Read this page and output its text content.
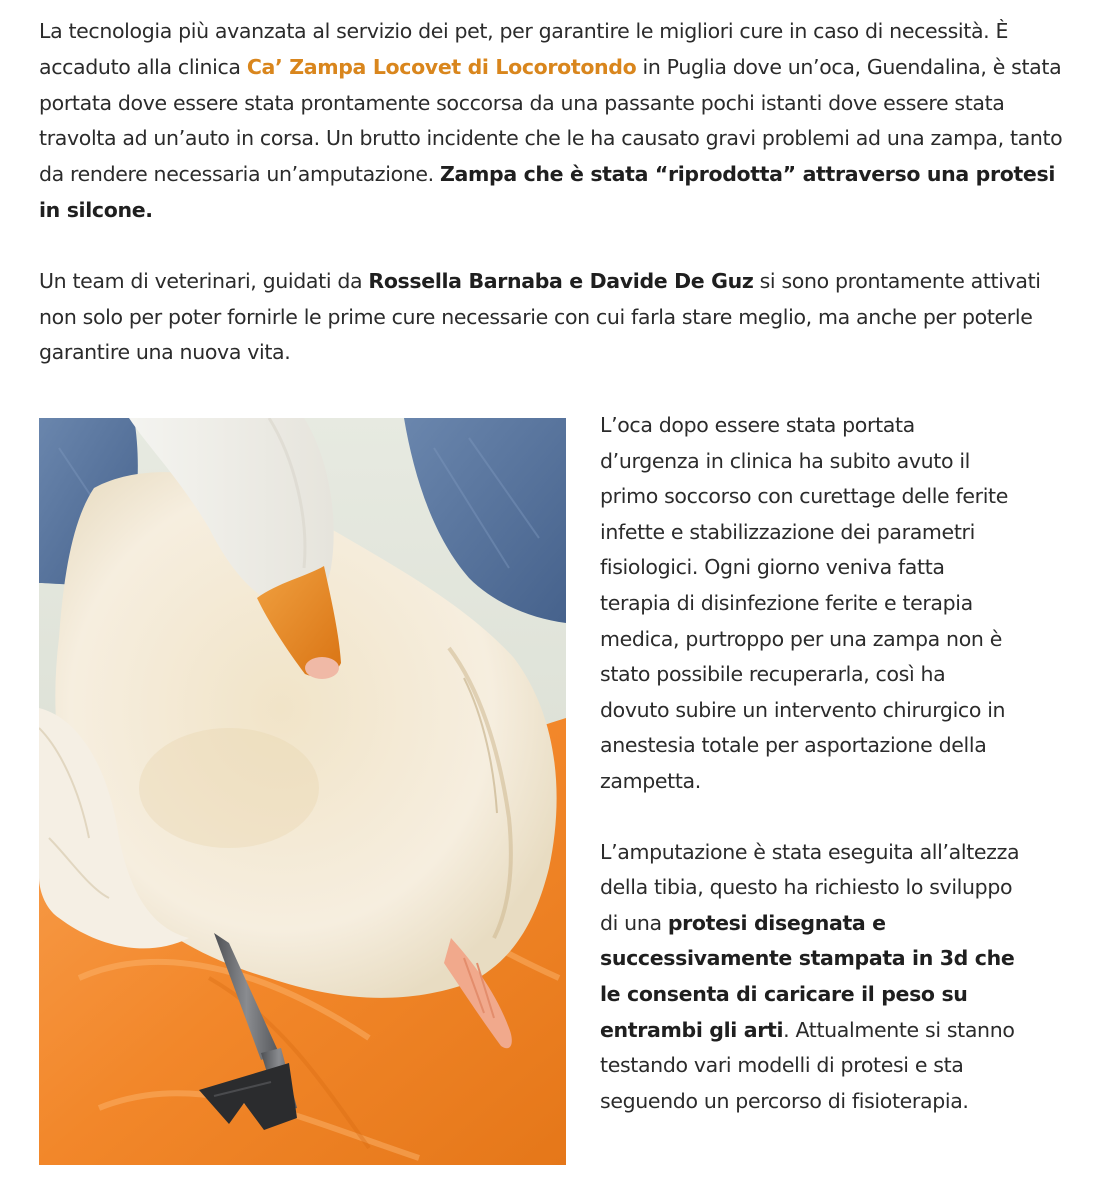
La tecnologia più avanzata al servizio dei pet, per garantire le migliori cure in caso di necessità. È accaduto alla clinica Ca’ Zampa Locovet di Locorotondo in Puglia dove un’oca, Guendalina, è stata portata dove essere stata prontamente soccorsa da una passante pochi istanti dove essere stata travolta ad un’auto in corsa. Un brutto incidente che le ha causato gravi problemi ad una zampa, tanto da rendere necessaria un’amputazione. Zampa che è stata “riprodotta” attraverso una protesi in silcone.

Un team di veterinari, guidati da Rossella Barnaba e Davide De Guz si sono prontamente attivati non solo per poter fornirle le prime cure necessarie con cui farla stare meglio, ma anche per poterle garantire una nuova vita.

L’oca dopo essere stata portata d’urgenza in clinica ha subito avuto il primo soccorso con curettage delle ferite infette e stabilizzazione dei parametri fisiologici. Ogni giorno veniva fatta terapia di disinfezione ferite e terapia medica, purtroppo per una zampa non è stato possibile recuperarla, così ha dovuto subire un intervento chirurgico in anestesia totale per asportazione della zampetta.

L’amputazione è stata eseguita all’altezza della tibia, questo ha richiesto lo sviluppo di una protesi disegnata e successivamente stampata in 3d che le consenta di caricare il peso su entrambi gli arti. Attualmente si stanno testando vari modelli di protesi e sta seguendo un percorso di fisioterapia.
